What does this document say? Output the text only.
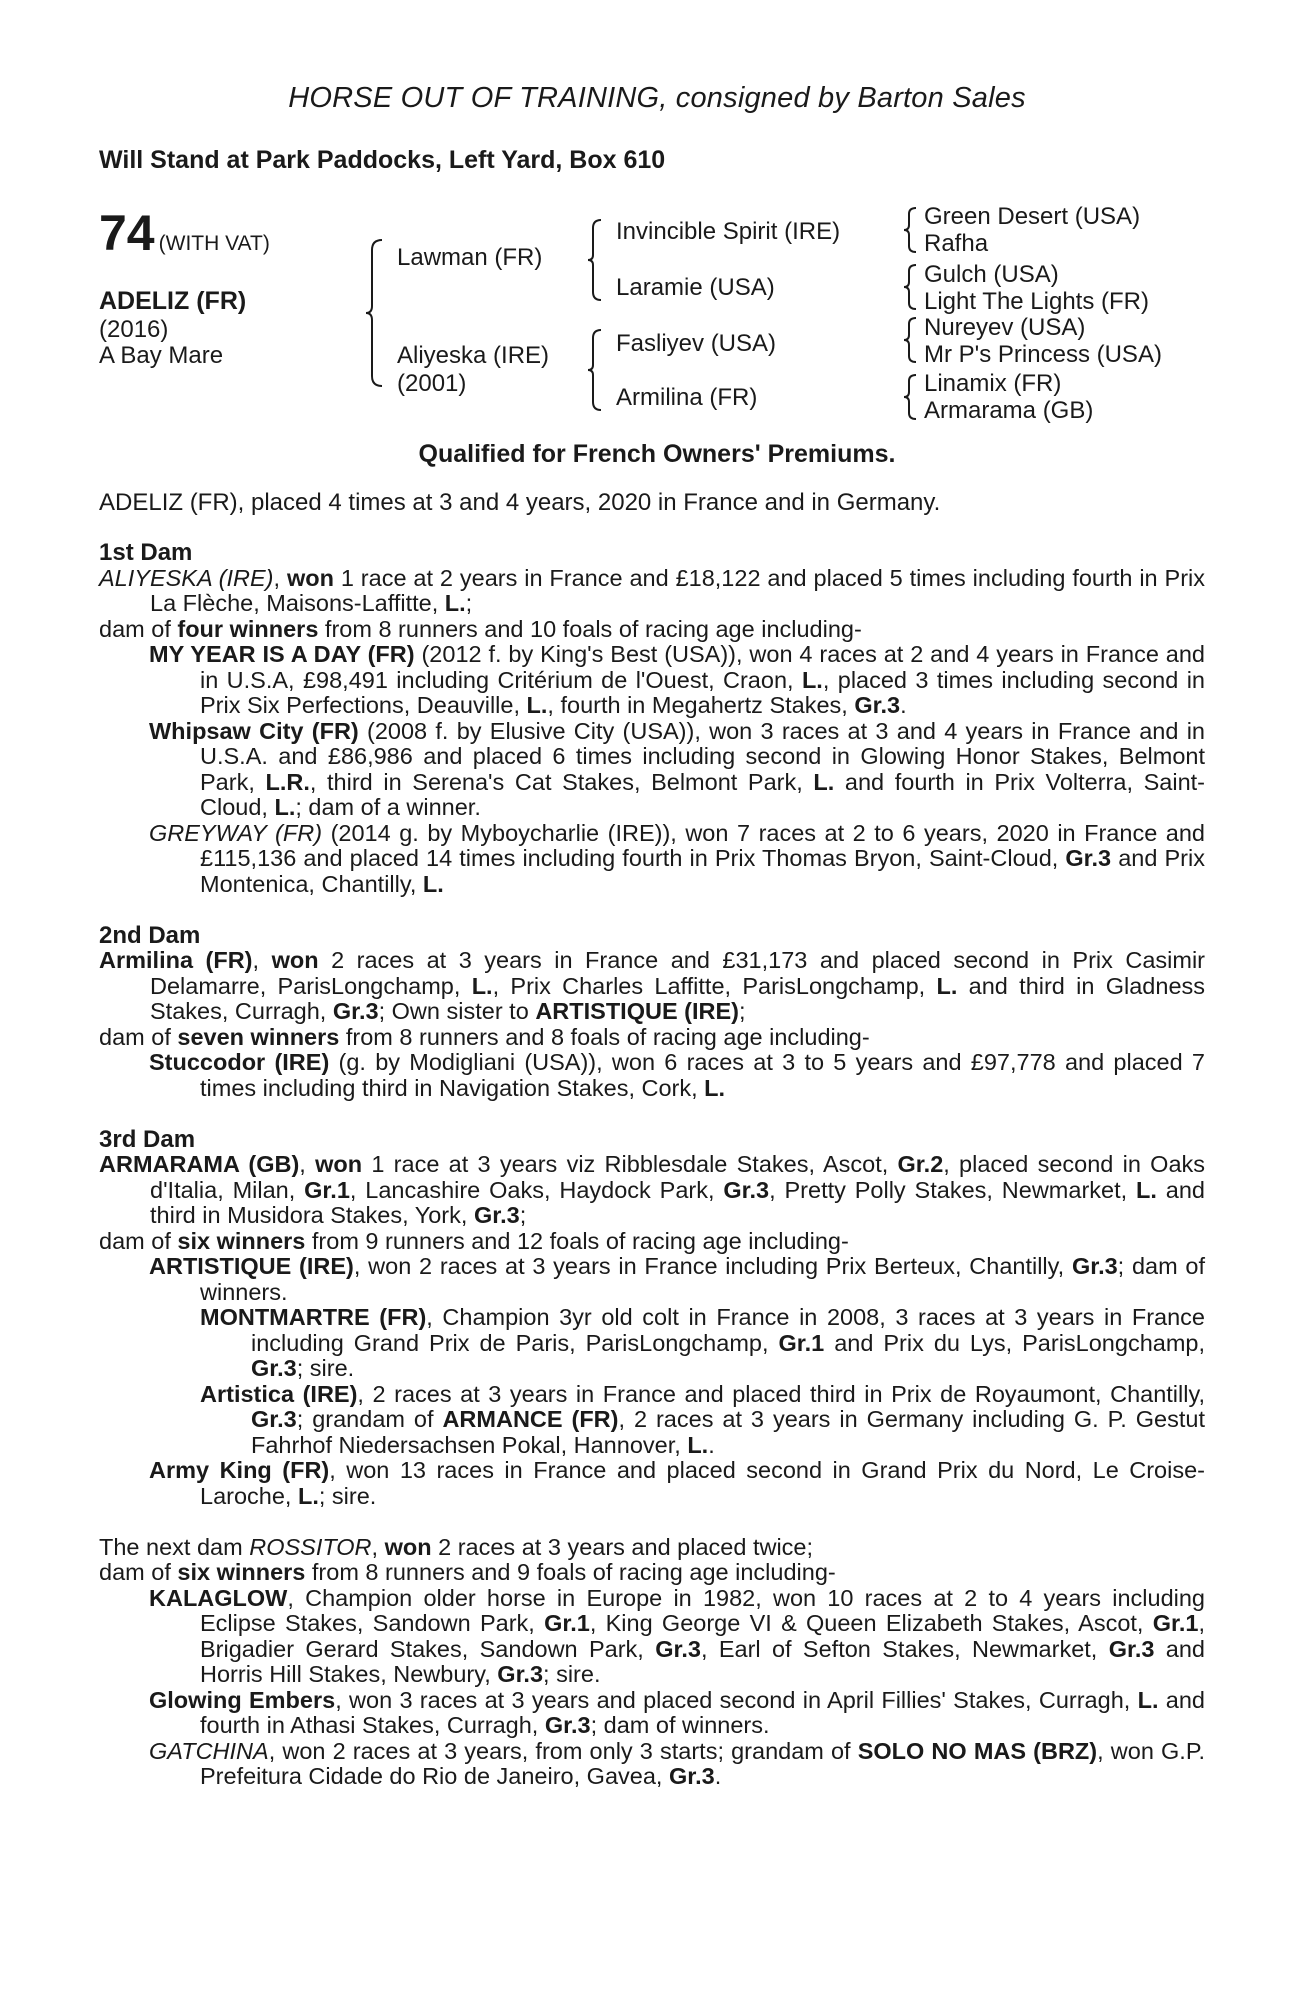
HORSE OUT OF TRAINING, consigned by Barton Sales
Will Stand at Park Paddocks, Left Yard, Box 610
74 (WITH VAT)
ADELIZ (FR)
(2016)
A Bay Mare
Lawman (FR)
Aliyeska (IRE)
(2001)
Invincible Spirit (IRE)
Laramie (USA)
Fasliyev (USA)
Armilina (FR)
Green Desert (USA)
Rafha
Gulch (USA)
Light The Lights (FR)
Nureyev (USA)
Mr P's Princess (USA)
Linamix (FR)
Armarama (GB)
Qualified for French Owners' Premiums.
ADELIZ (FR), placed 4 times at 3 and 4 years, 2020 in France and in Germany.

1st Dam

ALIYESKA (IRE), won 1 race at 2 years in France and £18,122 and placed 5 times including fourth in Prix La Flèche, Maisons-Laffitte, L.;

dam of four winners from 8 runners and 10 foals of racing age including-

MY YEAR IS A DAY (FR) (2012 f. by King's Best (USA)), won 4 races at 2 and 4 years in France and in U.S.A, £98,491 including Critérium de l'Ouest, Craon, L., placed 3 times including second in Prix Six Perfections, Deauville, L., fourth in Megahertz Stakes, Gr.3.

Whipsaw City (FR) (2008 f. by Elusive City (USA)), won 3 races at 3 and 4 years in France and in U.S.A. and £86,986 and placed 6 times including second in Glowing Honor Stakes, Belmont Park, L.R., third in Serena's Cat Stakes, Belmont Park, L. and fourth in Prix Volterra, Saint-Cloud, L.; dam of a winner.

GREYWAY (FR) (2014 g. by Myboycharlie (IRE)), won 7 races at 2 to 6 years, 2020 in France and £115,136 and placed 14 times including fourth in Prix Thomas Bryon, Saint-Cloud, Gr.3 and Prix Montenica, Chantilly, L.

2nd Dam

Armilina (FR), won 2 races at 3 years in France and £31,173 and placed second in Prix Casimir Delamarre, ParisLongchamp, L., Prix Charles Laffitte, ParisLongchamp, L. and third in Gladness Stakes, Curragh, Gr.3; Own sister to ARTISTIQUE (IRE);

dam of seven winners from 8 runners and 8 foals of racing age including-

Stuccodor (IRE) (g. by Modigliani (USA)), won 6 races at 3 to 5 years and £97,778 and placed 7 times including third in Navigation Stakes, Cork, L.

3rd Dam

ARMARAMA (GB), won 1 race at 3 years viz Ribblesdale Stakes, Ascot, Gr.2, placed second in Oaks d'Italia, Milan, Gr.1, Lancashire Oaks, Haydock Park, Gr.3, Pretty Polly Stakes, Newmarket, L. and third in Musidora Stakes, York, Gr.3;

dam of six winners from 9 runners and 12 foals of racing age including-

ARTISTIQUE (IRE), won 2 races at 3 years in France including Prix Berteux, Chantilly, Gr.3; dam of winners.

MONTMARTRE (FR), Champion 3yr old colt in France in 2008, 3 races at 3 years in France including Grand Prix de Paris, ParisLongchamp, Gr.1 and Prix du Lys, ParisLongchamp, Gr.3; sire.

Artistica (IRE), 2 races at 3 years in France and placed third in Prix de Royaumont, Chantilly, Gr.3; grandam of ARMANCE (FR), 2 races at 3 years in Germany including G. P. Gestut Fahrhof Niedersachsen Pokal, Hannover, L..

Army King (FR), won 13 races in France and placed second in Grand Prix du Nord, Le Croise-Laroche, L.; sire.

The next dam ROSSITOR, won 2 races at 3 years and placed twice;

dam of six winners from 8 runners and 9 foals of racing age including-

KALAGLOW, Champion older horse in Europe in 1982, won 10 races at 2 to 4 years including Eclipse Stakes, Sandown Park, Gr.1, King George VI & Queen Elizabeth Stakes, Ascot, Gr.1, Brigadier Gerard Stakes, Sandown Park, Gr.3, Earl of Sefton Stakes, Newmarket, Gr.3 and Horris Hill Stakes, Newbury, Gr.3; sire.

Glowing Embers, won 3 races at 3 years and placed second in April Fillies' Stakes, Curragh, L. and fourth in Athasi Stakes, Curragh, Gr.3; dam of winners.

GATCHINA, won 2 races at 3 years, from only 3 starts; grandam of SOLO NO MAS (BRZ), won G.P. Prefeitura Cidade do Rio de Janeiro, Gavea, Gr.3.
